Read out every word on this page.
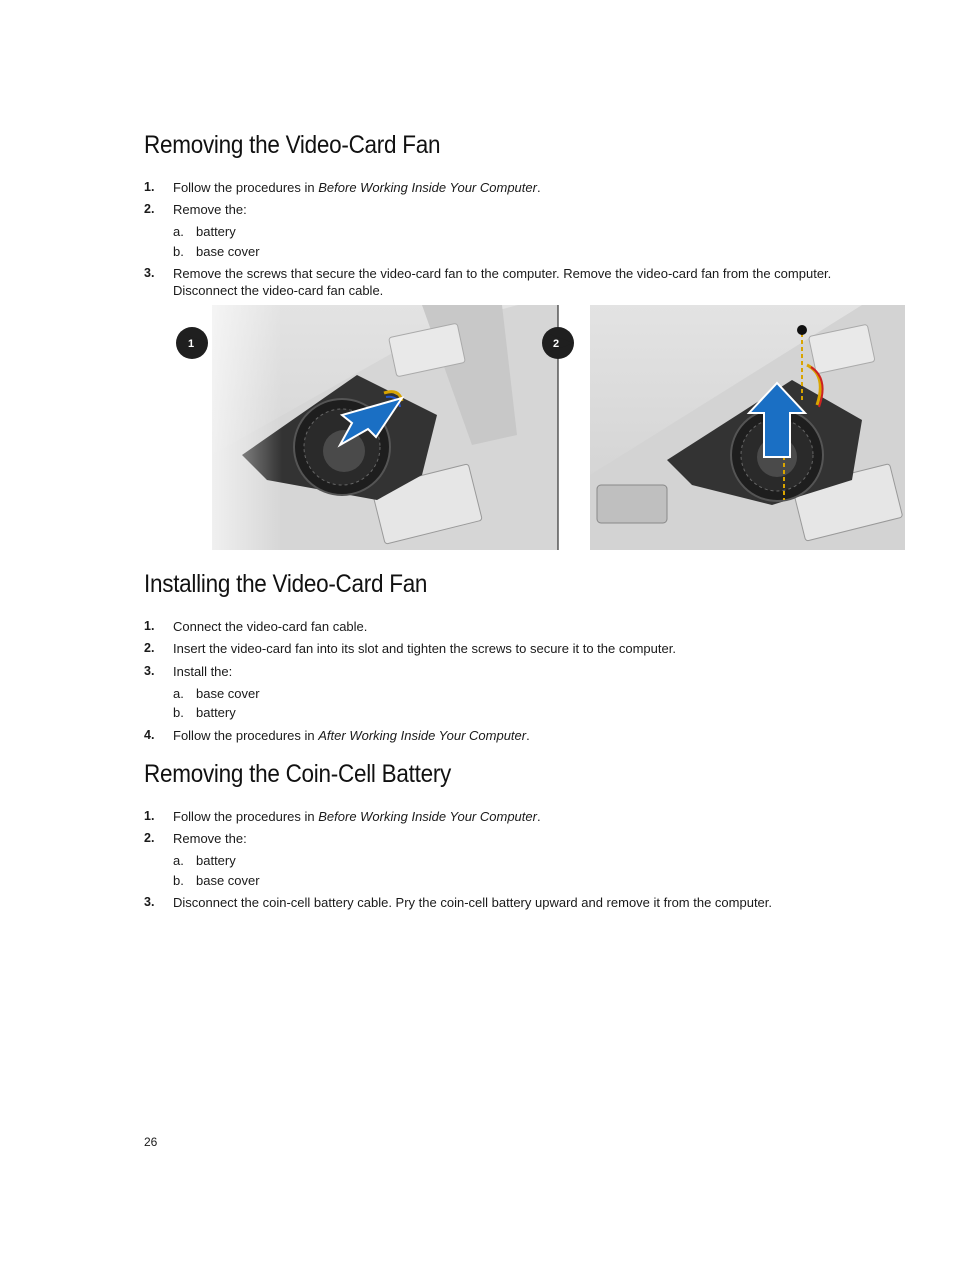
Removing the Video-Card Fan
1. Follow the procedures in Before Working Inside Your Computer.
2. Remove the:
a. battery
b. base cover
3. Remove the screws that secure the video-card fan to the computer. Remove the video-card fan from the computer.
Disconnect the video-card fan cable.
1	2
Installing the Video-Card Fan
1. Connect the video-card fan cable.
2. Insert the video-card fan into its slot and tighten the screws to secure it to the computer.
3. Install the:
a. base cover
b. battery
4. Follow the procedures in After Working Inside Your Computer.
Removing the Coin-Cell Battery
1. Follow the procedures in Before Working Inside Your Computer.
2. Remove the:
a. battery
b. base cover
3. Disconnect the coin-cell battery cable. Pry the coin-cell battery upward and remove it from the computer.
26
